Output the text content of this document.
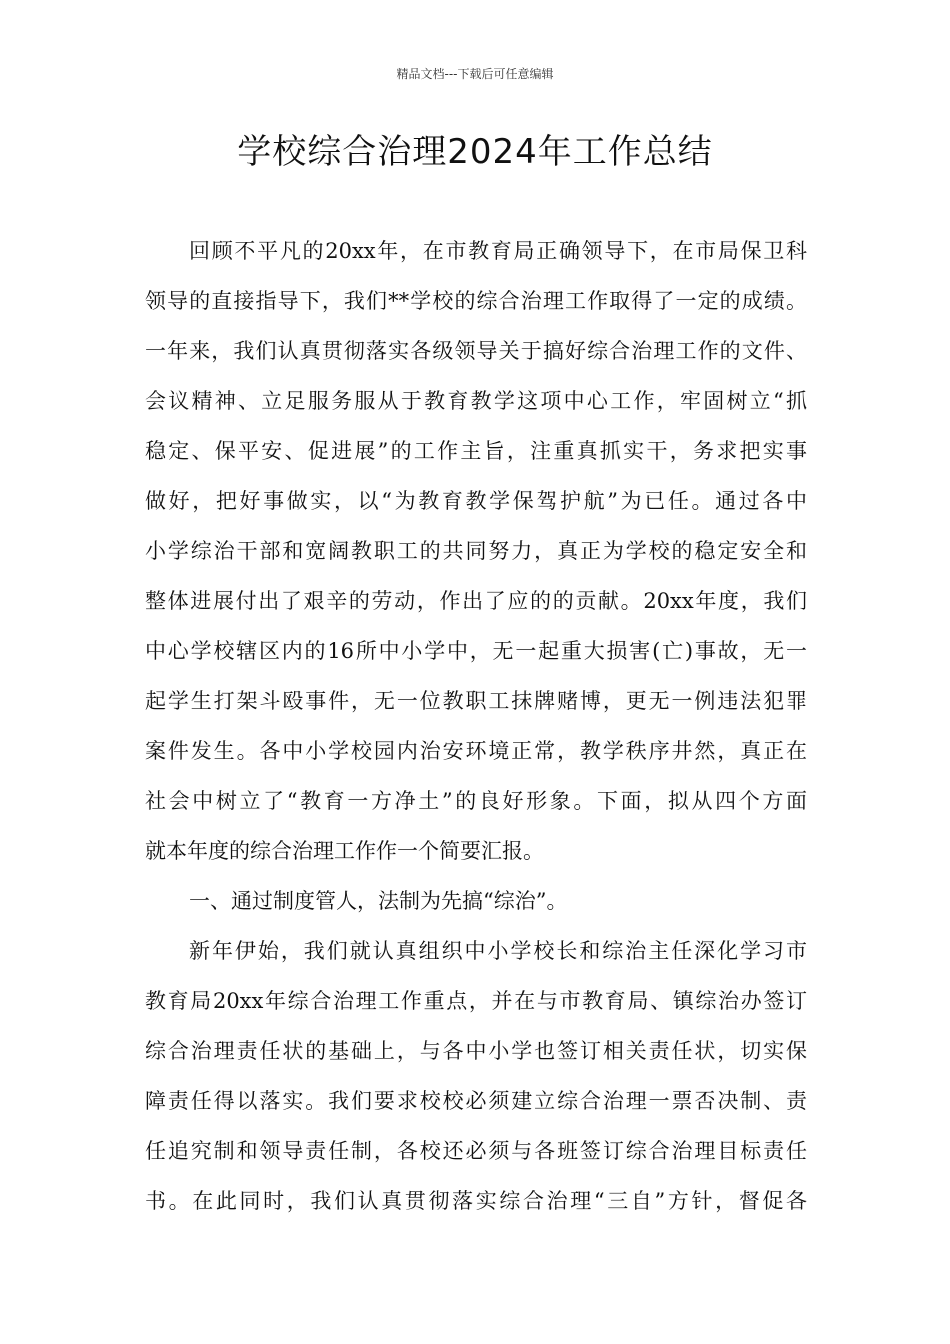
精品文档---下载后可任意编辑
学校综合治理2024年工作总结
回顾不平凡的20xx年，在市教育局正确领导下，在市局保卫科
领导的直接指导下，我们**学校的综合治理工作取得了一定的成绩。
一年来，我们认真贯彻落实各级领导关于搞好综合治理工作的文件、
会议精神、立足服务服从于教育教学这项中心工作，牢固树立“抓
稳定、保平安、促进展”的工作主旨，注重真抓实干，务求把实事
做好，把好事做实，以“为教育教学保驾护航”为已任。通过各中
小学综治干部和宽阔教职工的共同努力，真正为学校的稳定安全和
整体进展付出了艰辛的劳动，作出了应的的贡献。20xx年度，我们
中心学校辖区内的16所中小学中，无一起重大损害(亡)事故，无一
起学生打架斗殴事件，无一位教职工抹牌赌博，更无一例违法犯罪
案件发生。各中小学校园内治安环境正常，教学秩序井然，真正在
社会中树立了“教育一方净土”的良好形象。下面，拟从四个方面
就本年度的综合治理工作作一个简要汇报。
一、通过制度管人，法制为先搞“综治”。
新年伊始，我们就认真组织中小学校长和综治主任深化学习市
教育局20xx年综合治理工作重点，并在与市教育局、镇综治办签订
综合治理责任状的基础上，与各中小学也签订相关责任状，切实保
障责任得以落实。我们要求校校必须建立综合治理一票否决制、责
任追究制和领导责任制，各校还必须与各班签订综合治理目标责任
书。在此同时，我们认真贯彻落实综合治理“三自”方针，督促各
